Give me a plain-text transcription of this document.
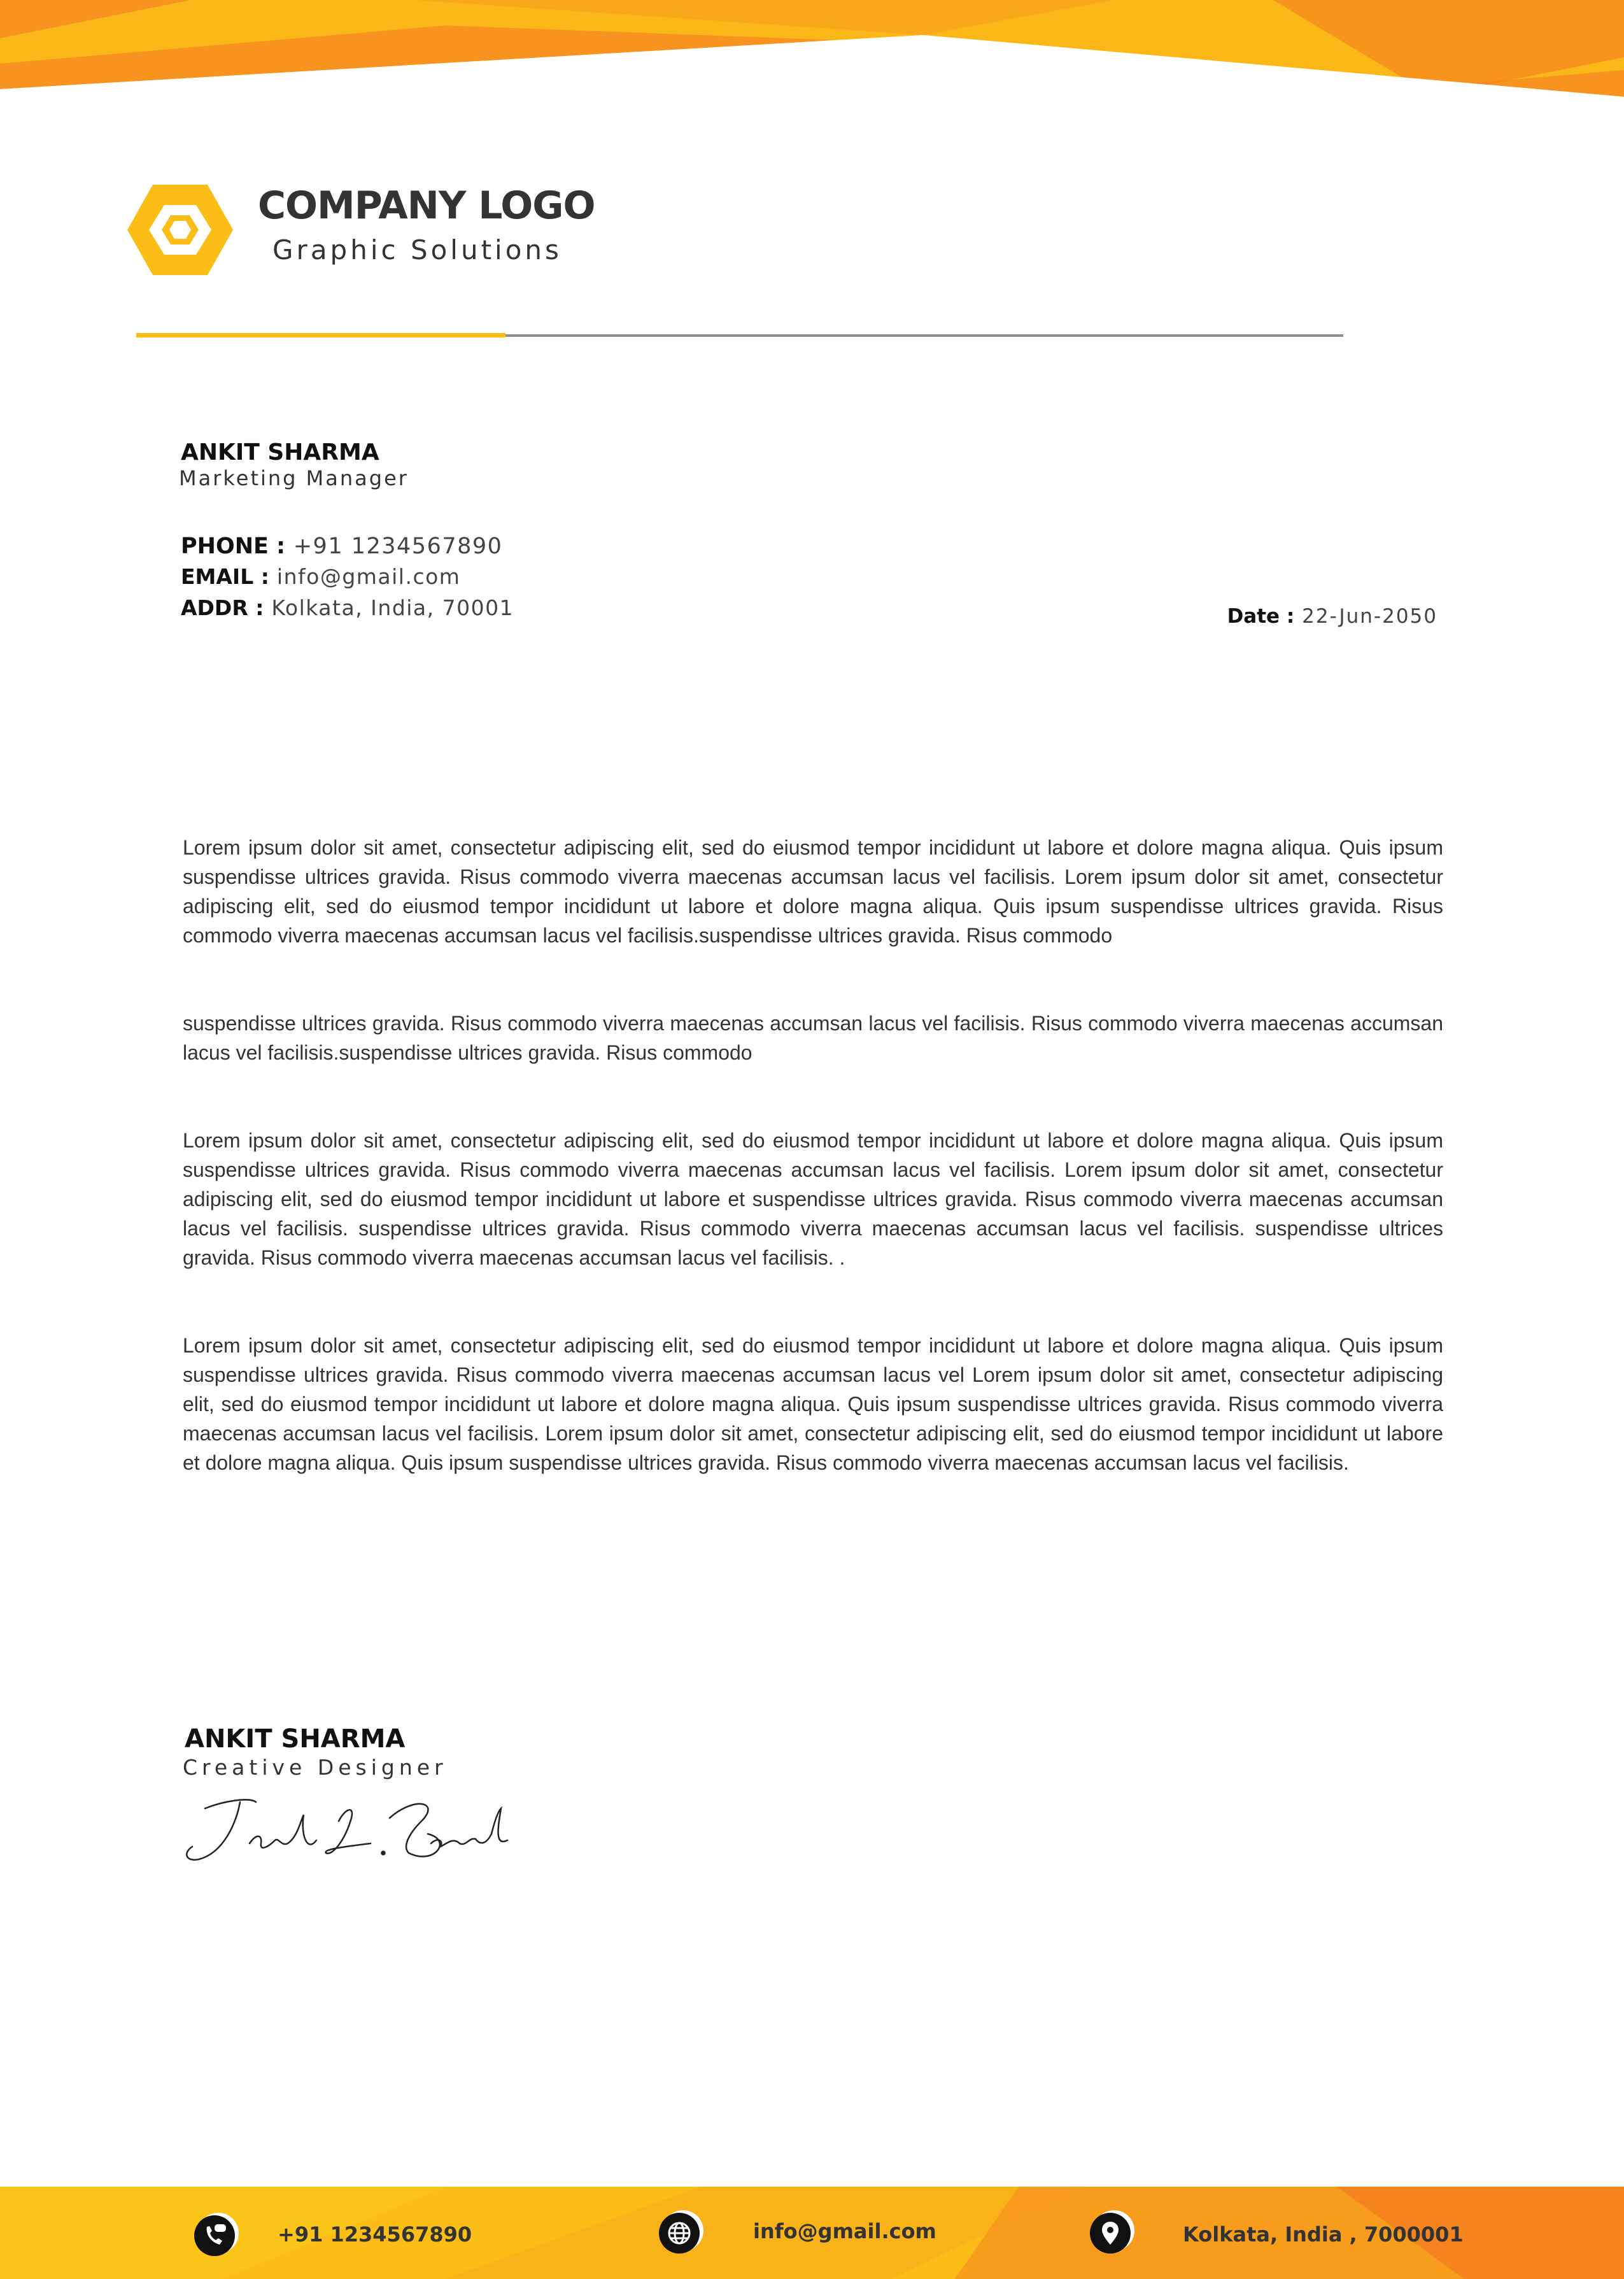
COMPANY LOGO
Graphic Solutions
ANKIT SHARMA
Marketing Manager
PHONE : +91 1234567890
EMAIL : info@gmail.com
ADDR : Kolkata, India, 70001	Date : 22-Jun-2050

Lorem ipsum dolor sit amet, consectetur adipiscing elit, sed do eiusmod tempor incididunt ut labore et dolore magna aliqua. Quis ipsum suspendisse ultrices gravida. Risus commodo viverra maecenas accumsan lacus vel facilisis. Lorem ipsum dolor sit amet, consectetur adipiscing elit, sed do eiusmod tempor incididunt ut labore et dolore magna aliqua. Quis ipsum suspendisse ultrices gravida. Risus commodo viverra maecenas accumsan lacus vel facilisis.suspendisse ultrices gravida. Risus commodo

suspendisse ultrices gravida. Risus commodo viverra maecenas accumsan lacus vel facilisis. Risus commodo viverra maecenas accumsan lacus vel facilisis.suspendisse ultrices gravida. Risus commodo

Lorem ipsum dolor sit amet, consectetur adipiscing elit, sed do eiusmod tempor incididunt ut labore et dolore magna aliqua. Quis ipsum suspendisse ultrices gravida. Risus commodo viverra maecenas accumsan lacus vel facilisis. Lorem ipsum dolor sit amet, consectetur adipiscing elit, sed do eiusmod tempor incididunt ut labore et suspendisse ultrices gravida. Risus commodo viverra maecenas accumsan lacus vel facilisis. suspendisse ultrices gravida. Risus commodo viverra maecenas accumsan lacus vel facilisis. suspendisse ultrices gravida. Risus commodo viverra maecenas accumsan lacus vel facilisis. .

Lorem ipsum dolor sit amet, consectetur adipiscing elit, sed do eiusmod tempor incididunt ut labore et dolore magna aliqua. Quis ipsum suspendisse ultrices gravida. Risus commodo viverra maecenas accumsan lacus vel Lorem ipsum dolor sit amet, consectetur adipiscing elit, sed do eiusmod tempor incididunt ut labore et dolore magna aliqua. Quis ipsum suspendisse ultrices gravida. Risus commodo viverra maecenas accumsan lacus vel facilisis. Lorem ipsum dolor sit amet, consectetur adipiscing elit, sed do eiusmod tempor incididunt ut labore et dolore magna aliqua. Quis ipsum suspendisse ultrices gravida. Risus commodo viverra maecenas accumsan lacus vel facilisis.

ANKIT SHARMA
Creative Designer
+91 1234567890	info@gmail.com	Kolkata, India , 7000001
